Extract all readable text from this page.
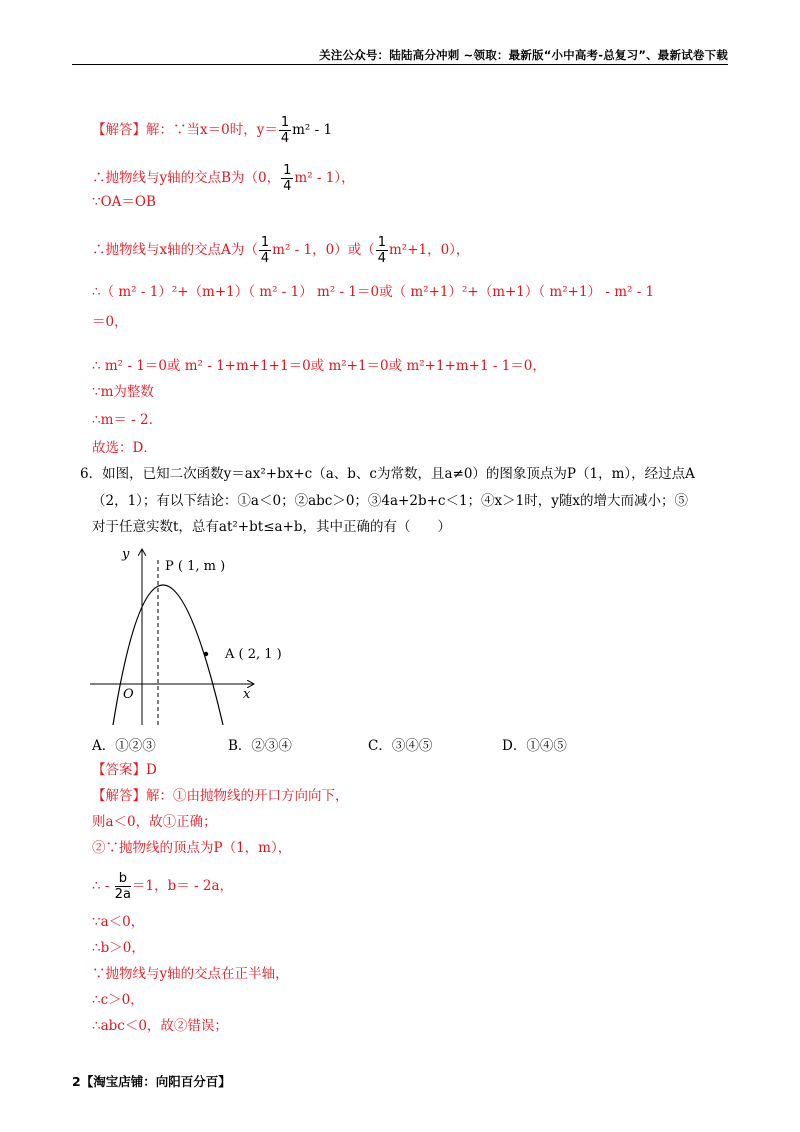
关注公众号：陆陆高分冲刺 ~领取：最新版“小中高考-总复习”、最新试卷下载
【解答】解：∵当x＝0时，$y= \frac{1}{4} m^2 - 1$
∴抛物线与y轴的交点B为（0， $\frac{1}{4} m^2 - 1$），
∵OA＝OB
∴抛物线与x轴的交点A为（ $\frac{1}{4} m^2 - 1$，0）或（ $\frac{1}{4} m^2+1$，0），
∴（ m² - 1）²+（m+1）（ m² - 1） m² - 1＝0或（ m²+1）²+（m+1）（ m²+1） - m² - 1
＝0，
∴ m² - 1＝0或 m² - 1+m+1+1＝0或 m²+1＝0或 m²+1+m+1 - 1＝0，
∵m为整数
∴m＝ - 2．
故选：D．
6．如图，已知二次函数y＝ax²+bx+c（a、b、c为常数，且a≠0）的图象顶点为P（1，m），经过点A
（2，1）；有以下结论：①a＜0；②abc＞0；③4a+2b+c＜1；④x＞1时，y随x的增大而减小；⑤
对于任意实数t，总有at²+bt≤a+b，其中正确的有（　　）
y
x
O
P ( 1, m )
A ( 2, 1 )
A．①②③	B．②③④	C．③④⑤	D．①④⑤
【答案】D
【解答】解：①由抛物线的开口方向向下，
则a＜0，故①正确；
②∵抛物线的顶点为P（1，m），
∴ - $\frac{b}{2a} =1$，b＝ - 2a，
∵a＜0，
∴b＞0，
∵抛物线与y轴的交点在正半轴，
∴c＞0，
∴abc＜0，故②错误；
2【淘宝店铺：向阳百分百】
